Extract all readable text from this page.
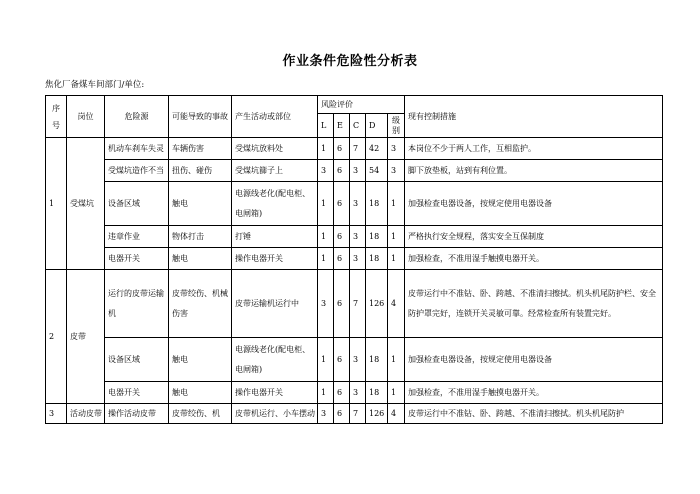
作业条件危险性分析表
焦化厂备煤车间部门/单位:
序号	岗位	危险源	可能导致的事故	产生活动或部位	风险评价					现有控制措施
					L	E	C	D	级别	
1	受煤坑	机动车刹车失灵	车辆伤害	受煤坑放料处	1	6	7	42	3	本岗位不少于两人工作，互相监护。
		受煤坑造作不当	扭伤、碰伤	受煤坑篩子上	3	6	3	54	3	脚下放垫板，站到有利位置。
		设备区域	触电	电源线老化(配电柜、电闸箱)	1	6	3	18	1	加强检查电器设备，按规定使用电器设备
		违章作业	物体打击	打锤	1	6	3	18	1	严格执行安全规程，落实安全互保制度
		电器开关	触电	操作电器开关	1	6	3	18	1	加强检查，不准用湿手触摸电器开关。
2	皮带	运行的皮带运输机	皮带绞伤、机械伤害	皮带运输机运行中	3	6	7	126	4	皮带运行中不准钻、卧、跨越、不准清扫擦拭。机头机尾防护栏、安全防护罩完好，连锁开关灵敏可靠。经常检查所有装置完好。
		设备区域	触电	电源线老化(配电柜、电闸箱)	1	6	3	18	1	加强检查电器设备，按规定使用电器设备
		电器开关	触电	操作电器开关	1	6	3	18	1	加强检查，不准用湿手触摸电器开关。
3	活动皮带	操作活动皮带	皮带绞伤、机	皮带机运行、小车摆动	3	6	7	126	4	皮带运行中不准钻、卧、跨越、不准清扫擦拭。机头机尾防护
